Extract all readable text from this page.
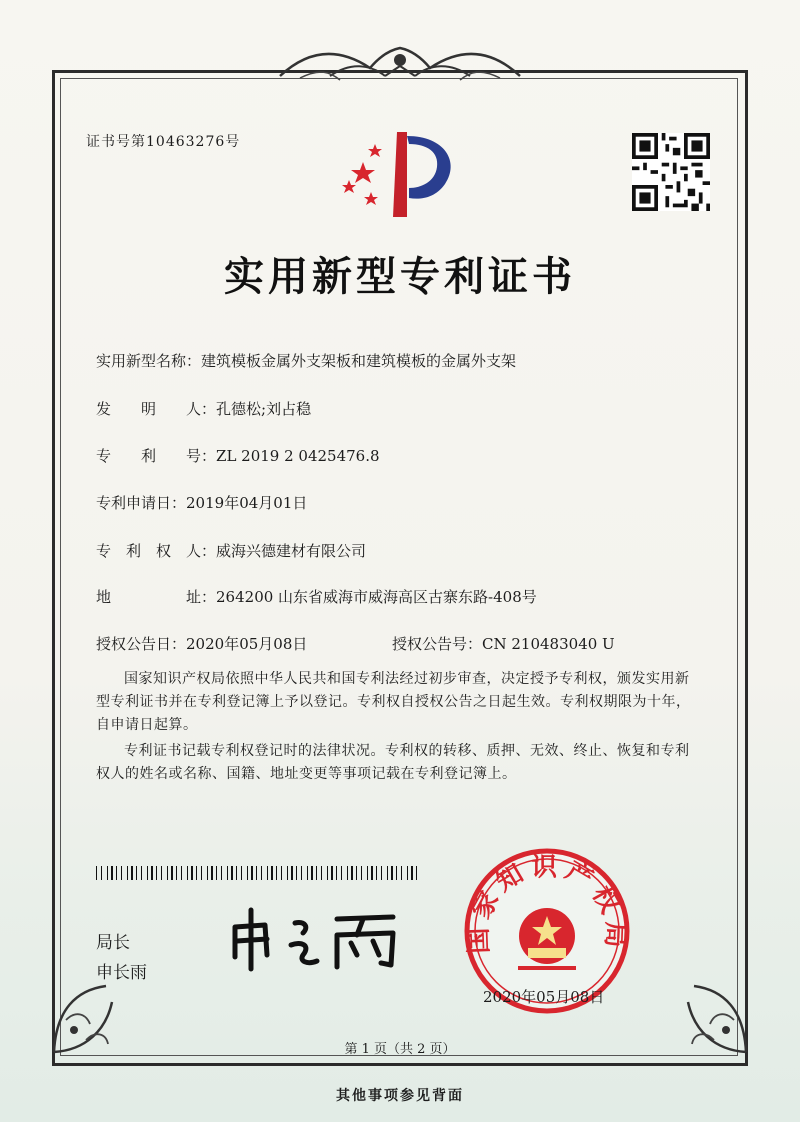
证书号第10463276号
实用新型专利证书
实用新型名称：建筑模板金属外支架板和建筑模板的金属外支架
发　　明　　人：孔德松;刘占稳
专　　利　　号：ZL 2019 2 0425476.8
专利申请日：2019年04月01日
专　利　权　人：威海兴德建材有限公司
地　　　　　址：264200 山东省威海市威海高区古寨东路-408号
授权公告日：2020年05月08日	授权公告号：CN 210483040 U
国家知识产权局依照中华人民共和国专利法经过初步审查，决定授予专利权，颁发实用新型专利证书并在专利登记簿上予以登记。专利权自授权公告之日起生效。专利权期限为十年，自申请日起算。
专利证书记载专利权登记时的法律状况。专利权的转移、质押、无效、终止、恢复和专利权人的姓名或名称、国籍、地址变更等事项记载在专利登记簿上。
局长
申长雨
国家知识产权局
2020年05月08日
第 1 页（共 2 页）
其他事项参见背面
